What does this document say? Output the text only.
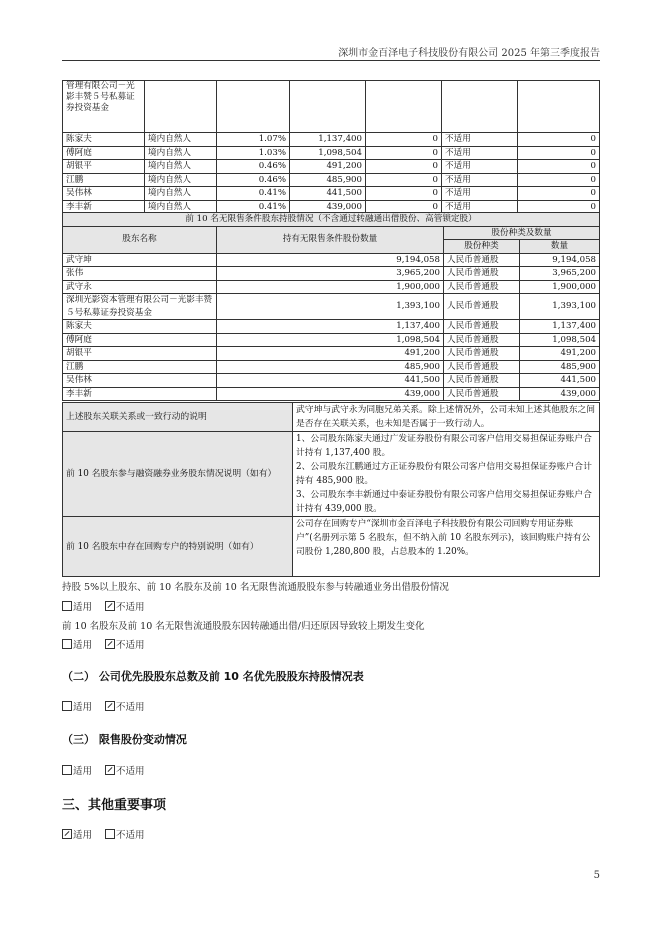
深圳市金百泽电子科技股份有限公司 2025 年第三季度报告
管理有限公司－光影丰赞５号私募证券投资基金						
陈家夫	境内自然人	1.07%	1,137,400	0	不适用	0
傅阿庭	境内自然人	1.03%	1,098,504	0	不适用	0
胡银平	境内自然人	0.46%	491,200	0	不适用	0
江鹏	境内自然人	0.46%	485,900	0	不适用	0
吴伟林	境内自然人	0.41%	441,500	0	不适用	0
李丰新	境内自然人	0.41%	439,000	0	不适用	0
前 10 名无限售条件股东持股情况（不含通过转融通出借股份、高管锁定股）			
股东名称	持有无限售条件股份数量	股份种类及数量	
		股份种类	数量
武守坤	9,194,058	人民币普通股	9,194,058
张伟	3,965,200	人民币普通股	3,965,200
武守永	1,900,000	人民币普通股	1,900,000
深圳光影资本管理有限公司－光影丰赞５号私募证券投资基金	1,393,100	人民币普通股	1,393,100
陈家夫	1,137,400	人民币普通股	1,137,400
傅阿庭	1,098,504	人民币普通股	1,098,504
胡银平	491,200	人民币普通股	491,200
江鹏	485,900	人民币普通股	485,900
吴伟林	441,500	人民币普通股	441,500
李丰新	439,000	人民币普通股	439,000
上述股东关联关系或一致行动的说明	武守坤与武守永为同胞兄弟关系。除上述情况外，公司未知上述其他股东之间是否存在关联关系，也未知是否属于一致行动人。
前 10 名股东参与融资融券业务股东情况说明（如有）	1、公司股东陈家夫通过广发证券股份有限公司客户信用交易担保证券账户合计持有 1,137,400 股。
2、公司股东江鹏通过方正证券股份有限公司客户信用交易担保证券账户合计持有 485,900 股。
3、公司股东李丰新通过中泰证券股份有限公司客户信用交易担保证券账户合计持有 439,000 股。

前 10 名股东中存在回购专户的特别说明（如有）	公司存在回购专户“深圳市金百泽电子科技股份有限公司回购专用证券账户”(名册列示第 5 名股东，但不纳入前 10 名股东列示)，该回购账户持有公司股份 1,280,800 股，占总股本的 1.20%。
持股 5%以上股东、前 10 名股东及前 10 名无限售流通股股东参与转融通业务出借股份情况
适用	不适用
前 10 名股东及前 10 名无限售流通股股东因转融通出借/归还原因导致较上期发生变化
适用	不适用
（二） 公司优先股股东总数及前 10 名优先股股东持股情况表
适用	不适用
（三） 限售股份变动情况
适用	不适用
三、其他重要事项
适用	不适用
5
